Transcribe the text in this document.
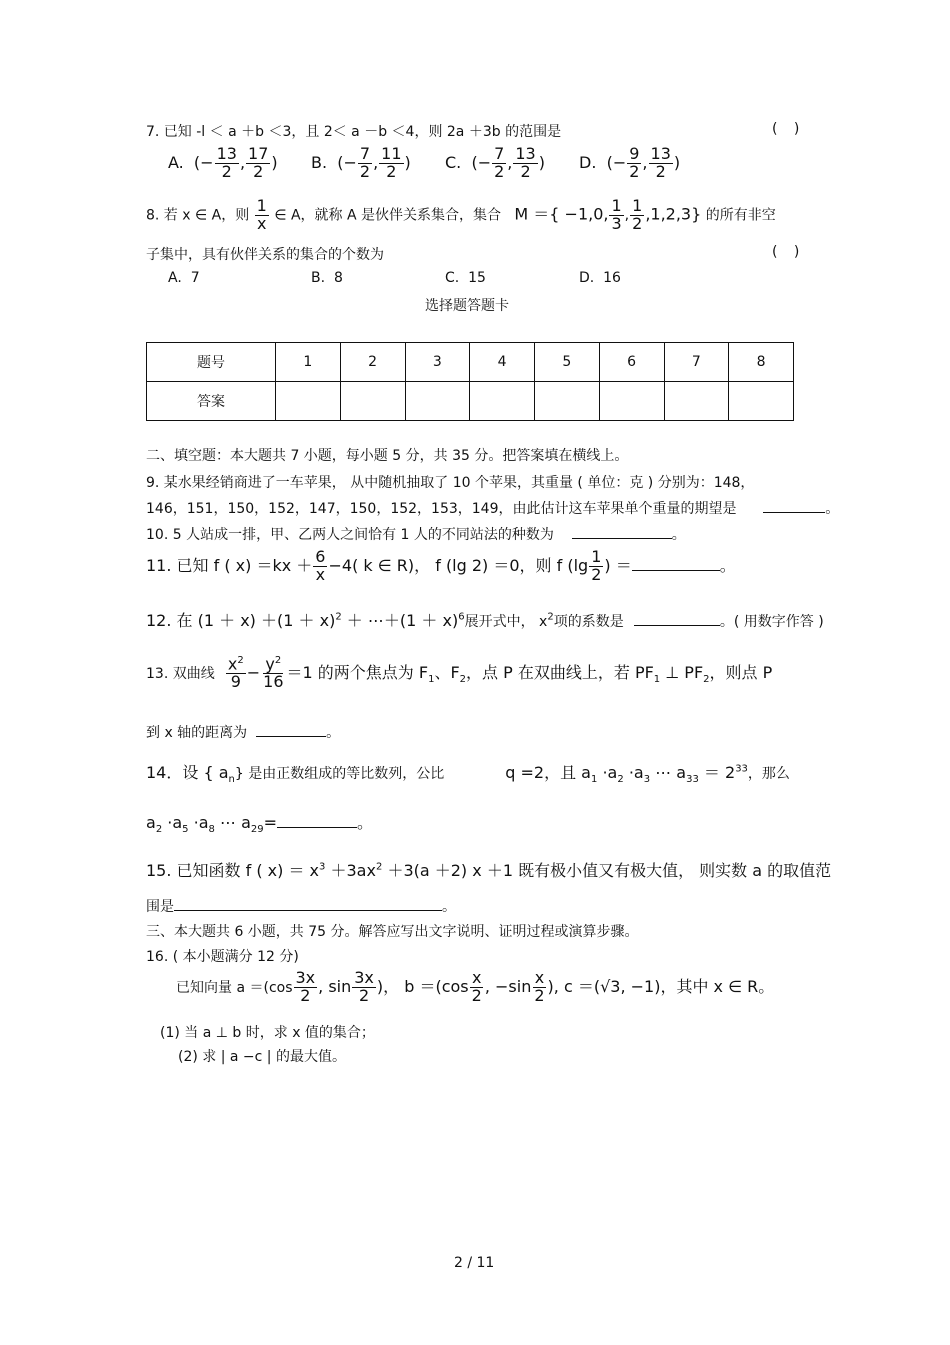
7. 已知 -l ＜ a ＋b ＜3，且 2＜ a －b ＜4，则 2a ＋3b 的范围是	( )
A.  (− $\frac{13}{2}$ , $\frac{17}{2}$ ) B.  (− $\frac{7}{2}$ , $\frac{11}{2}$ ) C.  (− $\frac{7}{2}$ , $\frac{13}{2}$ ) D.  (− $\frac{9}{2}$ , $\frac{13}{2}$ )
8. 若 x ∈ A，则 $\frac{1}{x}$ ∈ A，就称 A 是伙伴关系集合，集合 M ＝{ −1,0, $\frac{1}{3}$ , $\frac{1}{2} ,1,2,3$} 的所有非空
子集中，具有伙伴关系的集合的个数为	( )
A. 7	B. 8	C. 15	D. 16
选择题答题卡
题号	1	2	3	4	5	6	7	8
答案								
二、填空题：本大题共 7 小题，每小题 5 分，共 35 分。把答案填在横线上。
9. 某水果经销商进了一车苹果， 从中随机抽取了 10 个苹果，其重量 ( 单位：克 ) 分别为：148，
146，151，150，152，147，150，152，153，149，由此估计这车苹果单个重量的期望是	。
10. 5 人站成一排，甲、乙两人之间恰有 1 人的不同站法的种数为	。
11. 已知 f ( $x) =kx + \frac{6}{x} -4$( k ∈ R)， f (lg 2) ＝0，则 f ($\lg \frac{1}{2}$ ) ＝	。
12. 在 $(1 + x) +(1 + x)^2$ ＋ ⋯＋(1 ＋ x)$^6$展开式中， $x^2$项的系数是	。( 用数字作答 )
13. 双曲线 $\frac{x^2}{9} - \frac{y^2}{16} =1$ 的两个焦点为 $F_1$、$F_2$，点 P 在双曲线上，若 $PF_1$ ⊥ $PF_2$，则点 P
到 x 轴的距离为	。
14．设 { $a_n$} 是由正数组成的等比数列，公比	q =2，且 $a_1 \cdot a_2 \cdot a_3$ ⋯ $a_{33} = 2^{33}$，那么
$a_2 \cdot a_5 \cdot a_8$ ⋯ $a_{29}=$	。
15. 已知函数 f ( $x) = x^3 +3ax^2 +3(a +2)$ x ＋1 既有极小值又有极大值， 则实数 a 的取值范
围是	。
三、本大题共 6 小题，共 75 分。解答应写出文字说明、证明过程或演算步骤。
16. ( 本小题满分 12 分)
已知向量 $a =(\cos \frac{3x}{2}$ , $\sin \frac{3x}{2}$ )， $b =(\cos \frac{x}{2}$ , $-\sin \frac{x}{2}$ ), c ＝(√3, −1)，其中 x ∈ R。
(1) 当 a ⊥ b 时，求 x 值的集合；
(2) 求 | a −c | 的最大值。
2 / 11
